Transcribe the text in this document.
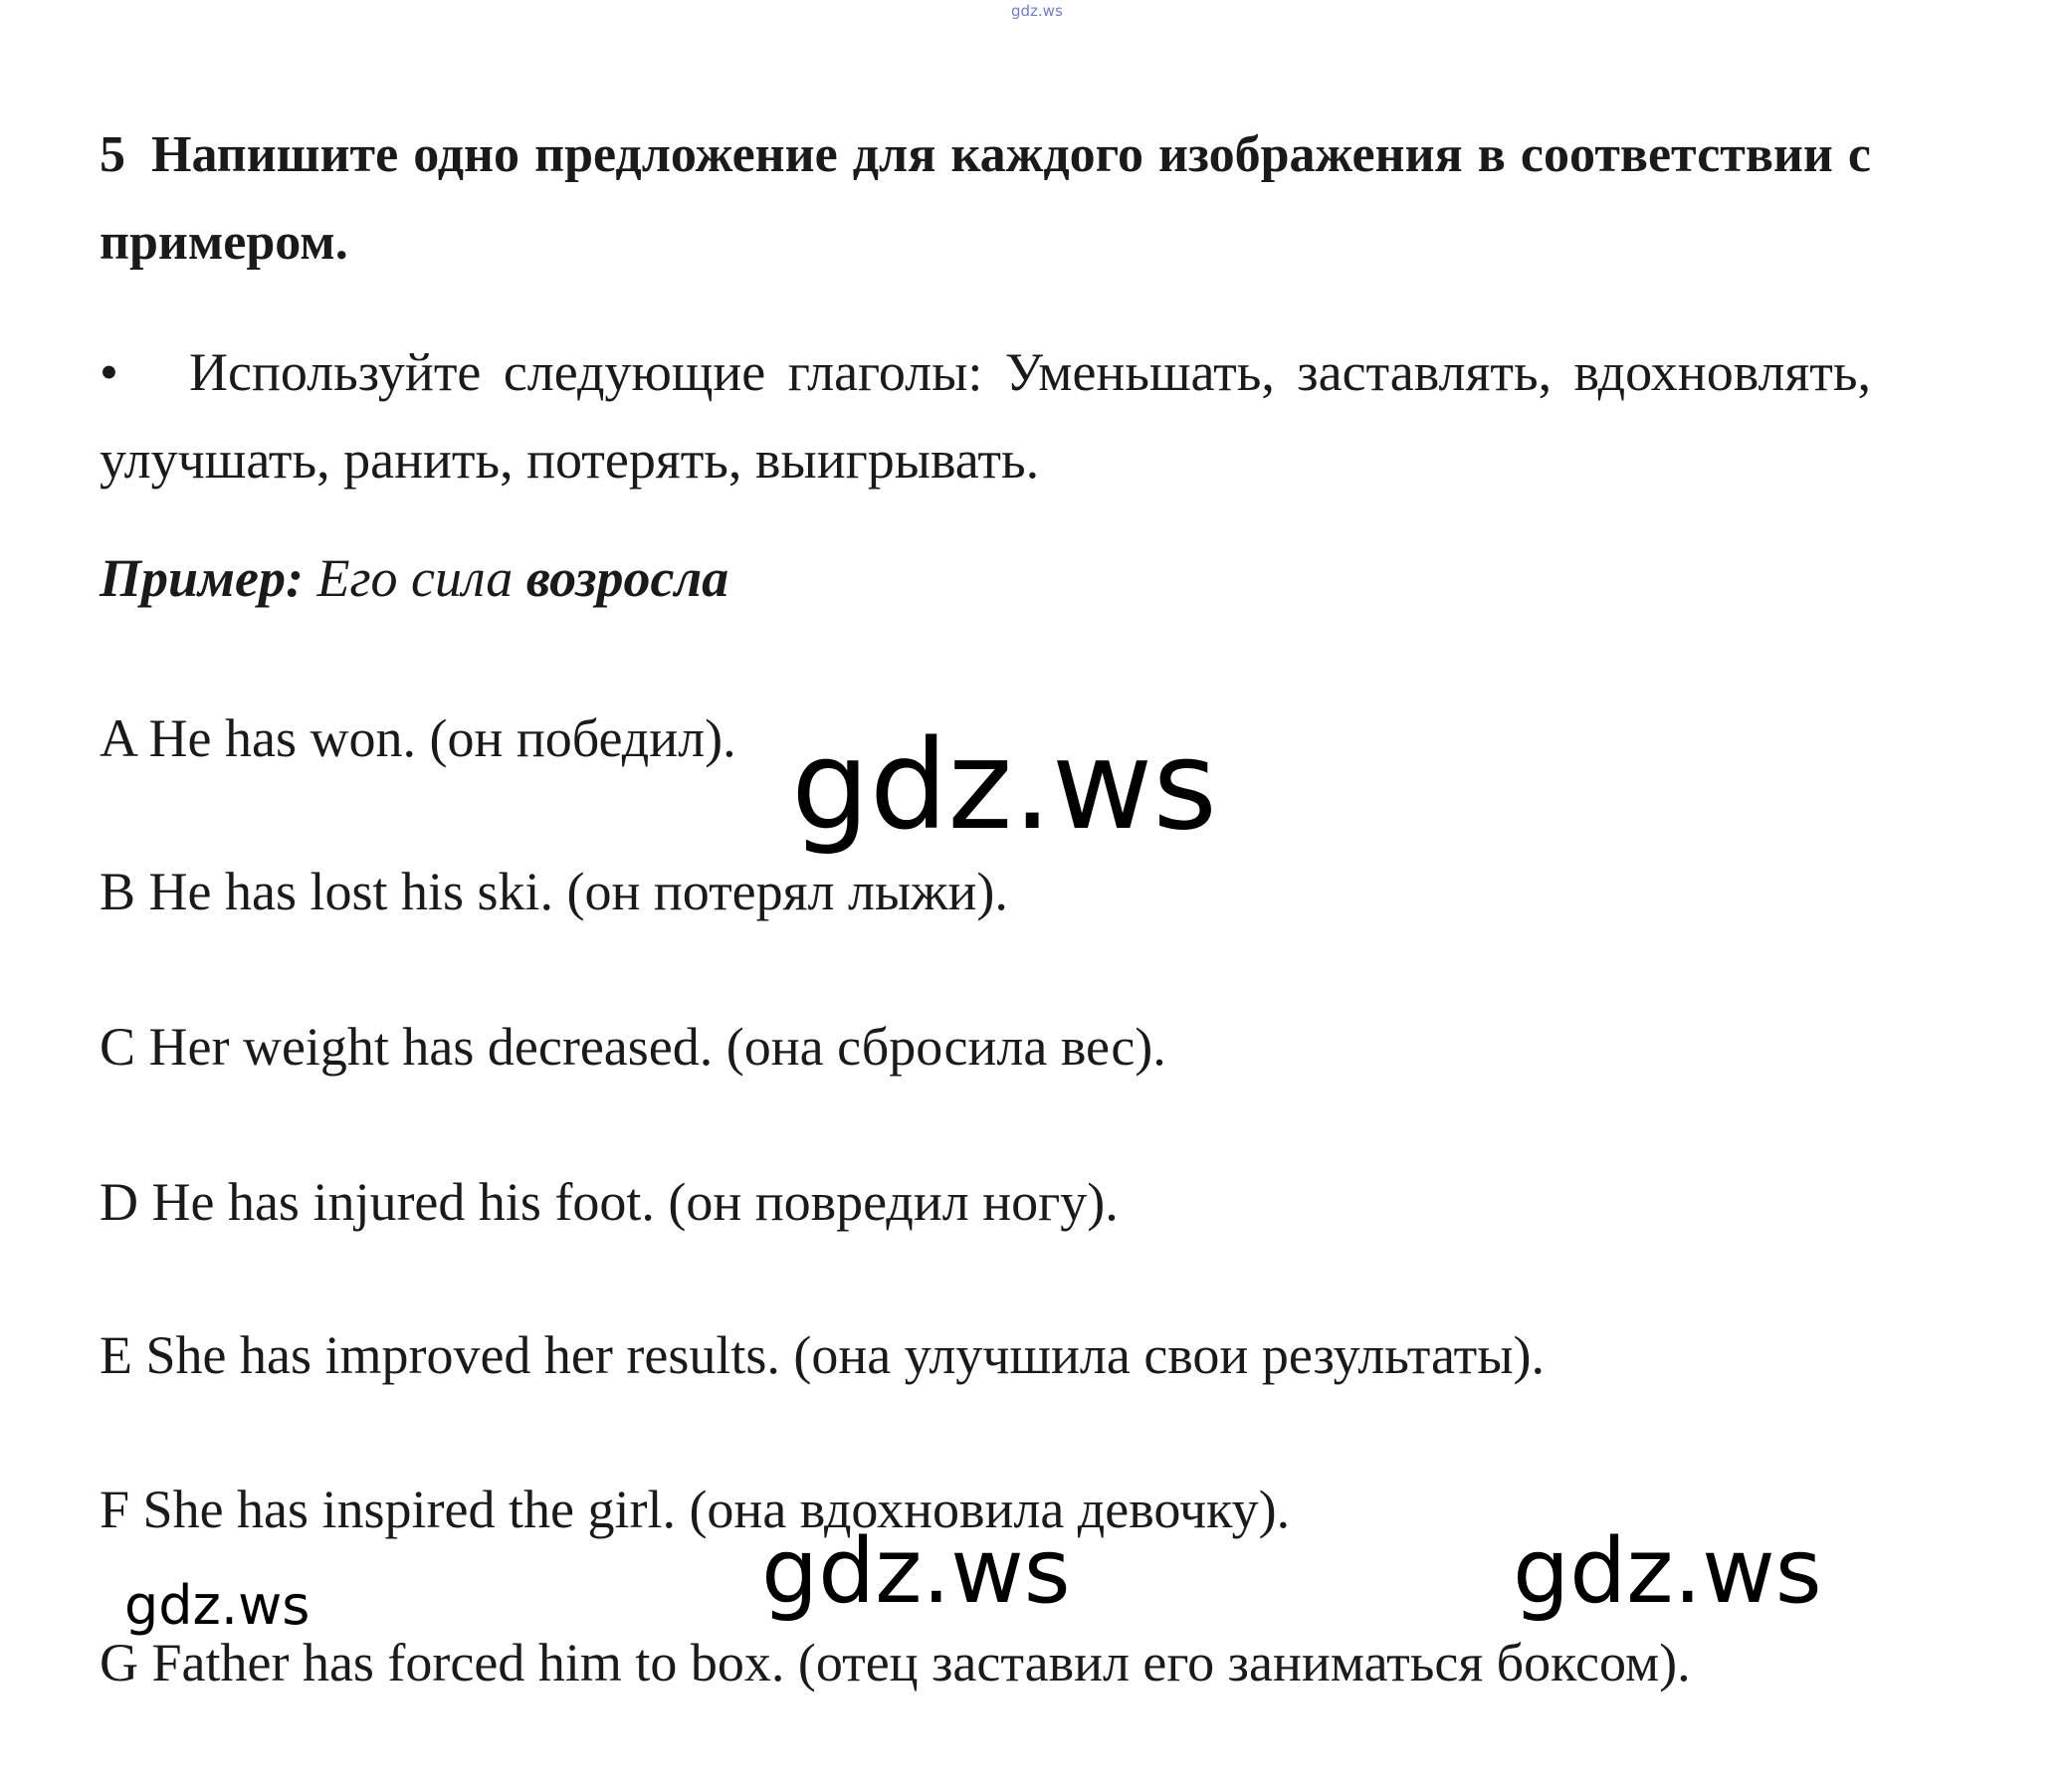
gdz.ws
5 Напишите одно предложение для каждого изображения в соответствии с примером.
• Используйте следующие глаголы: Уменьшать, заставлять, вдохновлять, улучшать, ранить, потерять, выигрывать.
Пример: Его сила возросла
A He has won. (он победил).
B He has lost his ski. (он потерял лыжи).
C Her weight has decreased. (она сбросила вес).
D He has injured his foot. (он повредил ногу).
E She has improved her results. (она улучшила свои результаты).
F She has inspired the girl. (она вдохновила девочку).
G Father has forced him to box. (отец заставил его заниматься боксом).
gdz.ws
gdz.ws	gdz.ws
gdz.ws
